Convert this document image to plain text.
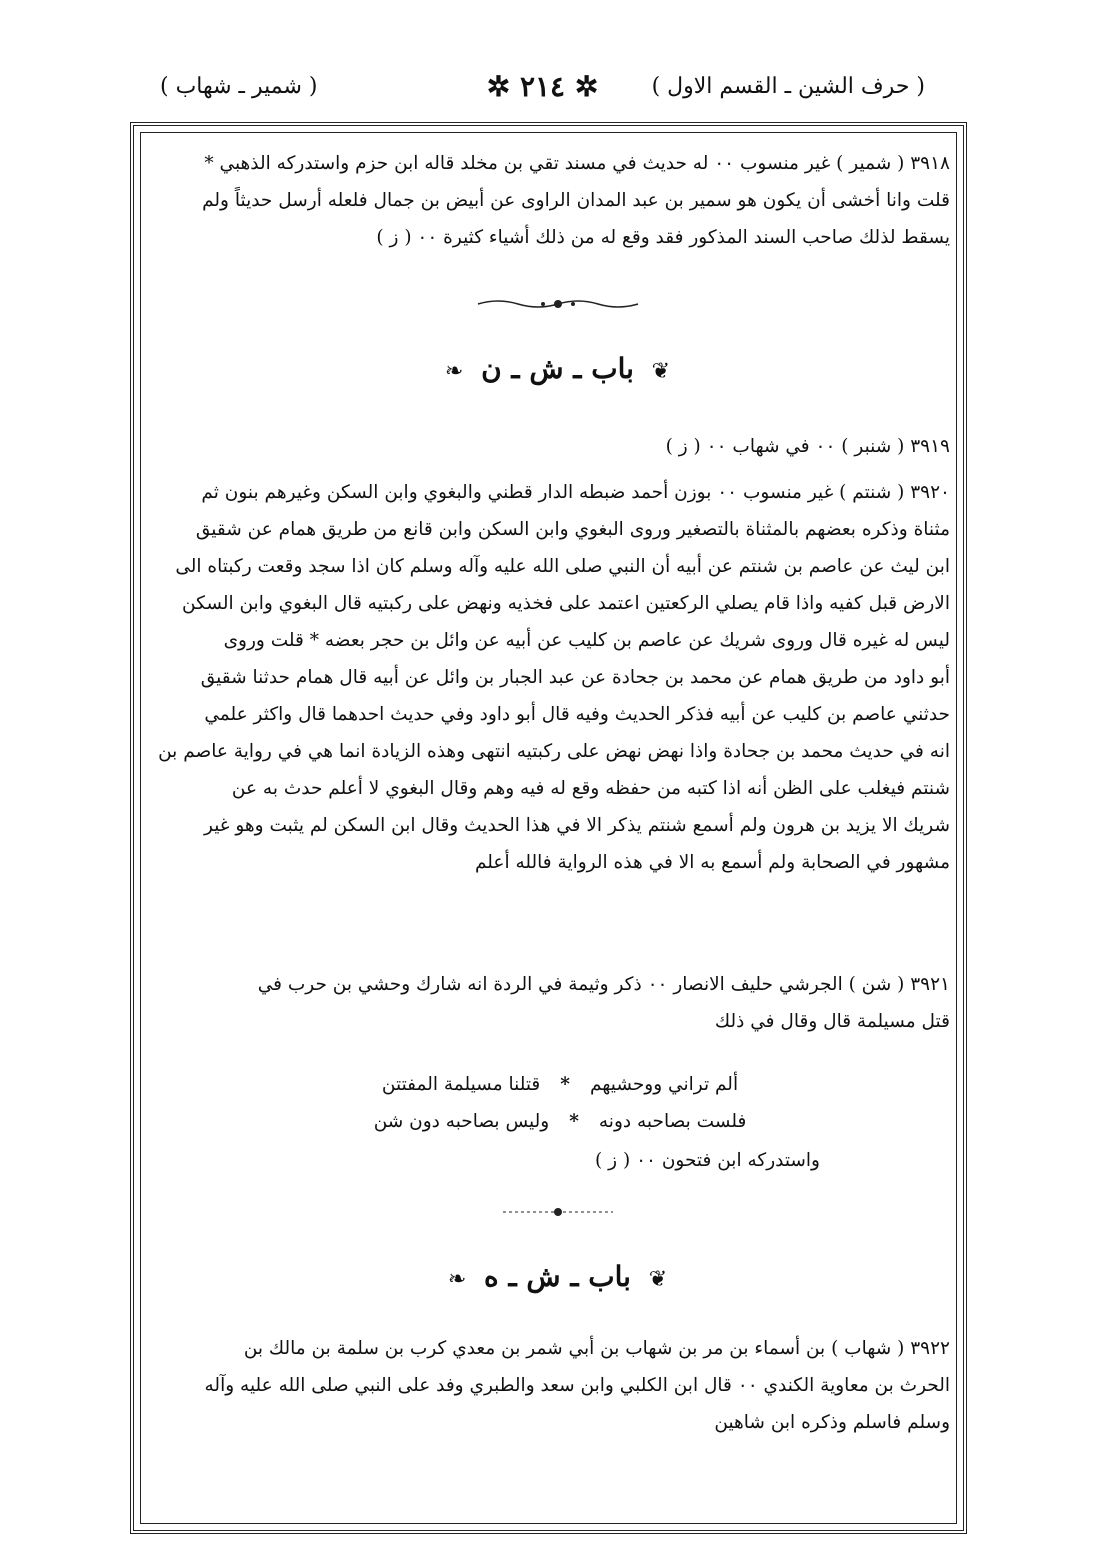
( حرف الشين ـ القسم الاول )
✲ ٢١٤ ✲
( شمير ـ شهاب )

٣٩١٨ ( شمير ) غير منسوب ٠٠ له حديث في مسند تقي بن مخلد قاله ابن حزم واستدركه الذهبي *

قلت وانا أخشى أن يكون هو سمير بن عبد المدان الراوى عن أبيض بن جمال فلعله أرسل حديثاً ولم

يسقط لذلك صاحب السند المذكور فقد وقع له من ذلك أشياء كثيرة ٠٠ ( ز )

❦ باب ـ ش ـ ن ❧

٣٩١٩ ( شنبر ) ٠٠ في شهاب ٠٠ ( ز )

٣٩٢٠ ( شنتم ) غير منسوب ٠٠ بوزن أحمد ضبطه الدار قطني والبغوي وابن السكن وغيرهم بنون ثم

مثناة وذكره بعضهم بالمثناة بالتصغير وروى البغوي وابن السكن وابن قانع من طريق همام عن شقيق

ابن ليث عن عاصم بن شنتم عن أبيه أن النبي صلى الله عليه وآله وسلم كان اذا سجد وقعت ركبتاه الى

الارض قبل كفيه واذا قام يصلي الركعتين اعتمد على فخذيه ونهض على ركبتيه قال البغوي وابن السكن

ليس له غيره قال وروى شريك عن عاصم بن كليب عن أبيه عن وائل بن حجر بعضه * قلت وروى

أبو داود من طريق همام عن محمد بن جحادة عن عبد الجبار بن وائل عن أبيه قال همام حدثنا شقيق

حدثني عاصم بن كليب عن أبيه فذكر الحديث وفيه قال أبو داود وفي حديث احدهما قال واكثر علمي

انه في حديث محمد بن جحادة واذا نهض نهض على ركبتيه انتهى وهذه الزيادة انما هي في رواية عاصم بن

شنتم فيغلب على الظن أنه اذا كتبه من حفظه وقع له فيه وهم وقال البغوي لا أعلم حدث به عن

شريك الا يزيد بن هرون ولم أسمع شنتم يذكر الا في هذا الحديث وقال ابن السكن لم يثبت وهو غير

مشهور في الصحابة ولم أسمع به الا في هذه الرواية فالله أعلم

٣٩٢١ ( شن ) الجرشي حليف الانصار ٠٠ ذكر وثيمة في الردة انه شارك وحشي بن حرب في

قتل مسيلمة قال وقال في ذلك

ألم تراني ووحشيهم
*
قتلنا مسيلمة المفتتن
فلست بصاحبه دونه
*
وليس بصاحبه دون شن

واستدركه ابن فتحون ٠٠ ( ز )

❦ باب ـ ش ـ ه ❧

٣٩٢٢ ( شهاب ) بن أسماء بن مر بن شهاب بن أبي شمر بن معدي كرب بن سلمة بن مالك بن

الحرث بن معاوية الكندي ٠٠ قال ابن الكلبي وابن سعد والطبري وفد على النبي صلى الله عليه وآله

وسلم فاسلم وذكره ابن شاهين
